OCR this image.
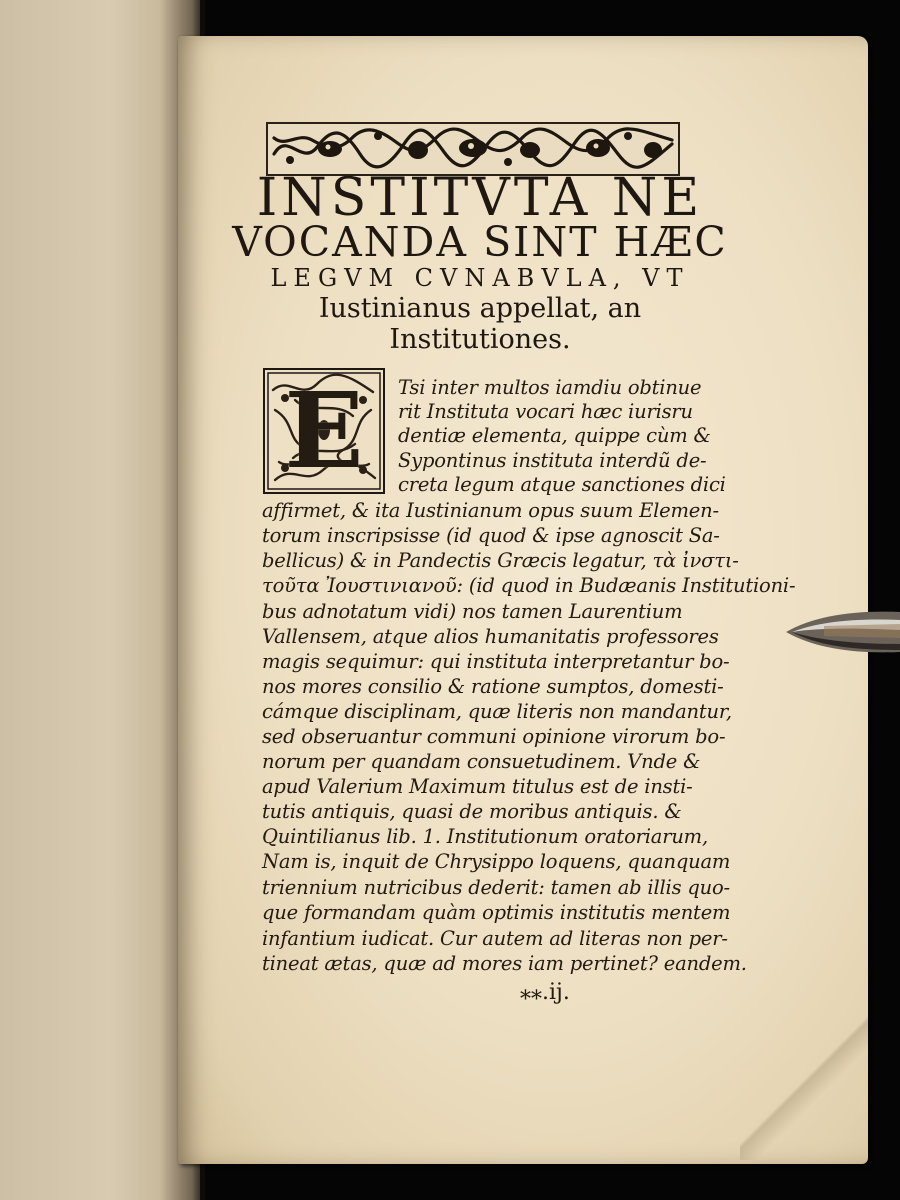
INSTITVTA NE

VOCANDA SINT HÆC

LEGVM CVNABVLA, VT

Iustinianus appellat, an

Institutiones.

E	Tsi inter multos iamdiu obtinue

rit Instituta vocari hæc iurisru

dentiæ elementa, quippe cùm &

Sypontinus instituta interdũ de-

creta legum atque sanctiones dici

affirmet, & ita Iustinianum opus suum Elemen-

torum inscripsisse (id quod & ipse agnoscit Sa-

bellicus) & in Pandectis Græcis legatur, τὰ ἰνστι-

τοῦτα Ἰουστινιανοῦ: (id quod in Budæanis Institutioni-

bus adnotatum vidi) nos tamen Laurentium

Vallensem, atque alios humanitatis professores

magis sequimur: qui instituta interpretantur bo-

nos mores consilio & ratione sumptos, domesti-

cámque disciplinam, quæ literis non mandantur,

sed obseruantur communi opinione virorum bo-

norum per quandam consuetudinem. Vnde &

apud Valerium Maximum titulus est de insti-

tutis antiquis, quasi de moribus antiquis. &

Quintilianus lib. 1. Institutionum oratoriarum,

Nam is, inquit de Chrysippo loquens, quanquam

triennium nutricibus dederit: tamen ab illis quo-

que formandam quàm optimis institutis mentem

infantium iudicat. Cur autem ad literas non per-

tineat ætas, quæ ad mores iam pertinet? eandem.

⁎⁎.ij.
